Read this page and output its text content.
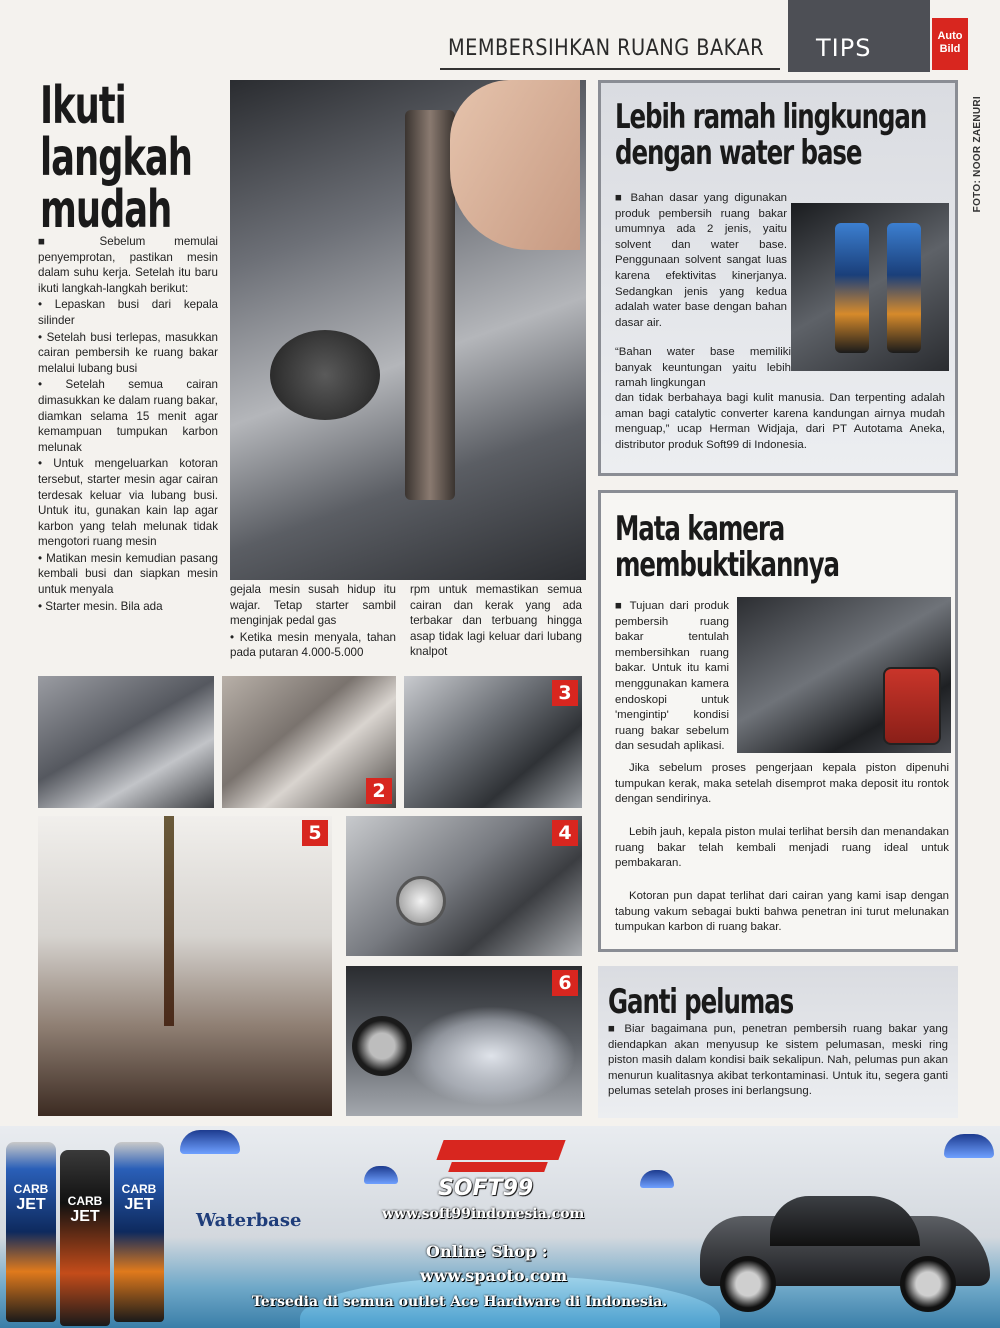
MEMBERSIHKAN RUANG BAKAR TIPS	Auto
Bild
FOTO: NOOR ZAENURI
Ikuti
langkah
mudah

■ Sebelum memulai penyemprotan, pastikan mesin dalam suhu kerja. Setelah itu baru ikuti langkah-langkah berikut:

• Lepaskan busi dari kepala silinder

• Setelah busi terlepas, masukkan cairan pembersih ke ruang bakar melalui lubang busi

• Setelah semua cairan dimasukkan ke dalam ruang bakar, diamkan selama 15 menit agar kemampuan tumpukan karbon melunak

• Untuk mengeluarkan kotoran tersebut, starter mesin agar cairan terdesak keluar via lubang busi. Untuk itu, gunakan kain lap agar karbon yang telah melunak tidak mengotori ruang mesin

• Matikan mesin kemudian pasang kembali busi dan siapkan mesin untuk menyala

• Starter mesin. Bila ada

gejala mesin susah hidup itu wajar. Tetap starter sambil menginjak pedal gas

• Ketika mesin menyala, tahan pada putaran 4.000-5.000

rpm untuk memastikan semua cairan dan kerak yang ada terbakar dan terbuang hingga asap tidak lagi keluar dari lubang knalpot

2
3
5	4
6
Lebih ramah lingkungan
dengan water base
■ Bahan dasar yang digunakan produk pembersih ruang bakar umumnya ada 2 jenis, yaitu solvent dan water base. Penggunaan solvent sangat luas karena efektivitas kinerjanya. Sedangkan jenis yang kedua adalah water base dengan bahan dasar air.
“Bahan water base memiliki banyak keuntungan yaitu lebih ramah lingkungan
dan tidak berbahaya bagi kulit manusia. Dan terpenting adalah aman bagi catalytic converter karena kandungan airnya mudah menguap,” ucap Herman Widjaja, dari PT Autotama Aneka, distributor produk Soft99 di Indonesia.
Mata kamera
membuktikannya
■ Tujuan dari produk pembersih ruang bakar tentulah membersihkan ruang bakar. Untuk itu kami menggunakan kamera endoskopi untuk 'mengintip' kondisi ruang bakar sebelum dan sesudah aplikasi.
Jika sebelum proses pengerjaan kepala piston dipenuhi tumpukan kerak, maka setelah disemprot maka deposit itu rontok dengan sendirinya.
Lebih jauh, kepala piston mulai terlihat bersih dan menandakan ruang bakar telah kembali menjadi ruang ideal untuk pembakaran.
Kotoran pun dapat terlihat dari cairan yang kami isap dengan tabung vakum sebagai bukti bahwa penetran ini turut melunakan tumpukan karbon di ruang bakar.
Ganti pelumas
■ Biar bagaimana pun, penetran pembersih ruang bakar yang diendapkan akan menyusup ke sistem pelumasan, meski ring piston masih dalam kondisi baik sekalipun. Nah, pelumas pun akan menurun kualitasnya akibat terkontaminasi. Untuk itu, segera ganti pelumas setelah proses ini berlangsung.
CARB
JET	CARB
JET
CARB
JET
Waterbase
SOFT99
www.soft99indonesia.com
Online Shop :
www.spaoto.com
Tersedia di semua outlet Ace Hardware di Indonesia.
